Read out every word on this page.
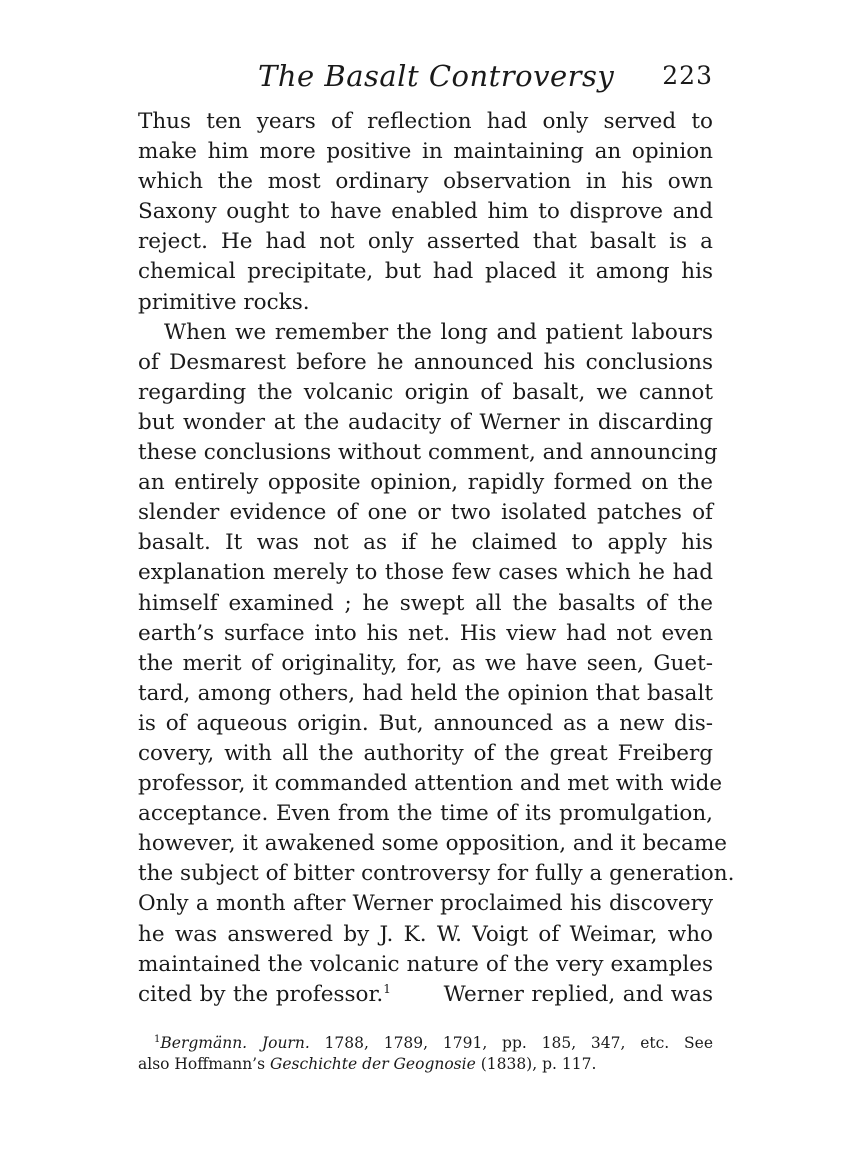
The Basalt Controversy 223
Thus ten years of reflection had only served to
make him more positive in maintaining an opinion
which the most ordinary observation in his own
Saxony ought to have enabled him to disprove and
reject. He had not only asserted that basalt is a
chemical precipitate, but had placed it among his
primitive rocks.
When we remember the long and patient labours
of Desmarest before he announced his conclusions
regarding the volcanic origin of basalt, we cannot
but wonder at the audacity of Werner in discarding
these conclusions without comment, and announcing
an entirely opposite opinion, rapidly formed on the
slender evidence of one or two isolated patches of
basalt. It was not as if he claimed to apply his
explanation merely to those few cases which he had
himself examined ; he swept all the basalts of the
earth’s surface into his net. His view had not even
the merit of originality, for, as we have seen, Guet-
tard, among others, had held the opinion that basalt
is of aqueous origin. But, announced as a new dis-
covery, with all the authority of the great Freiberg
professor, it commanded attention and met with wide
acceptance. Even from the time of its promulgation,
however, it awakened some opposition, and it became
the subject of bitter controversy for fully a generation.
Only a month after Werner proclaimed his discovery
he was answered by J. K. W. Voigt of Weimar, who
maintained the volcanic nature of the very examples
cited by the professor.$^1$ Werner replied, and was
$^1$Bergmänn. Journ. 1788, 1789, 1791, pp. 185, 347, etc. See
also Hoffmann’s Geschichte der Geognosie (1838), p. 117.
